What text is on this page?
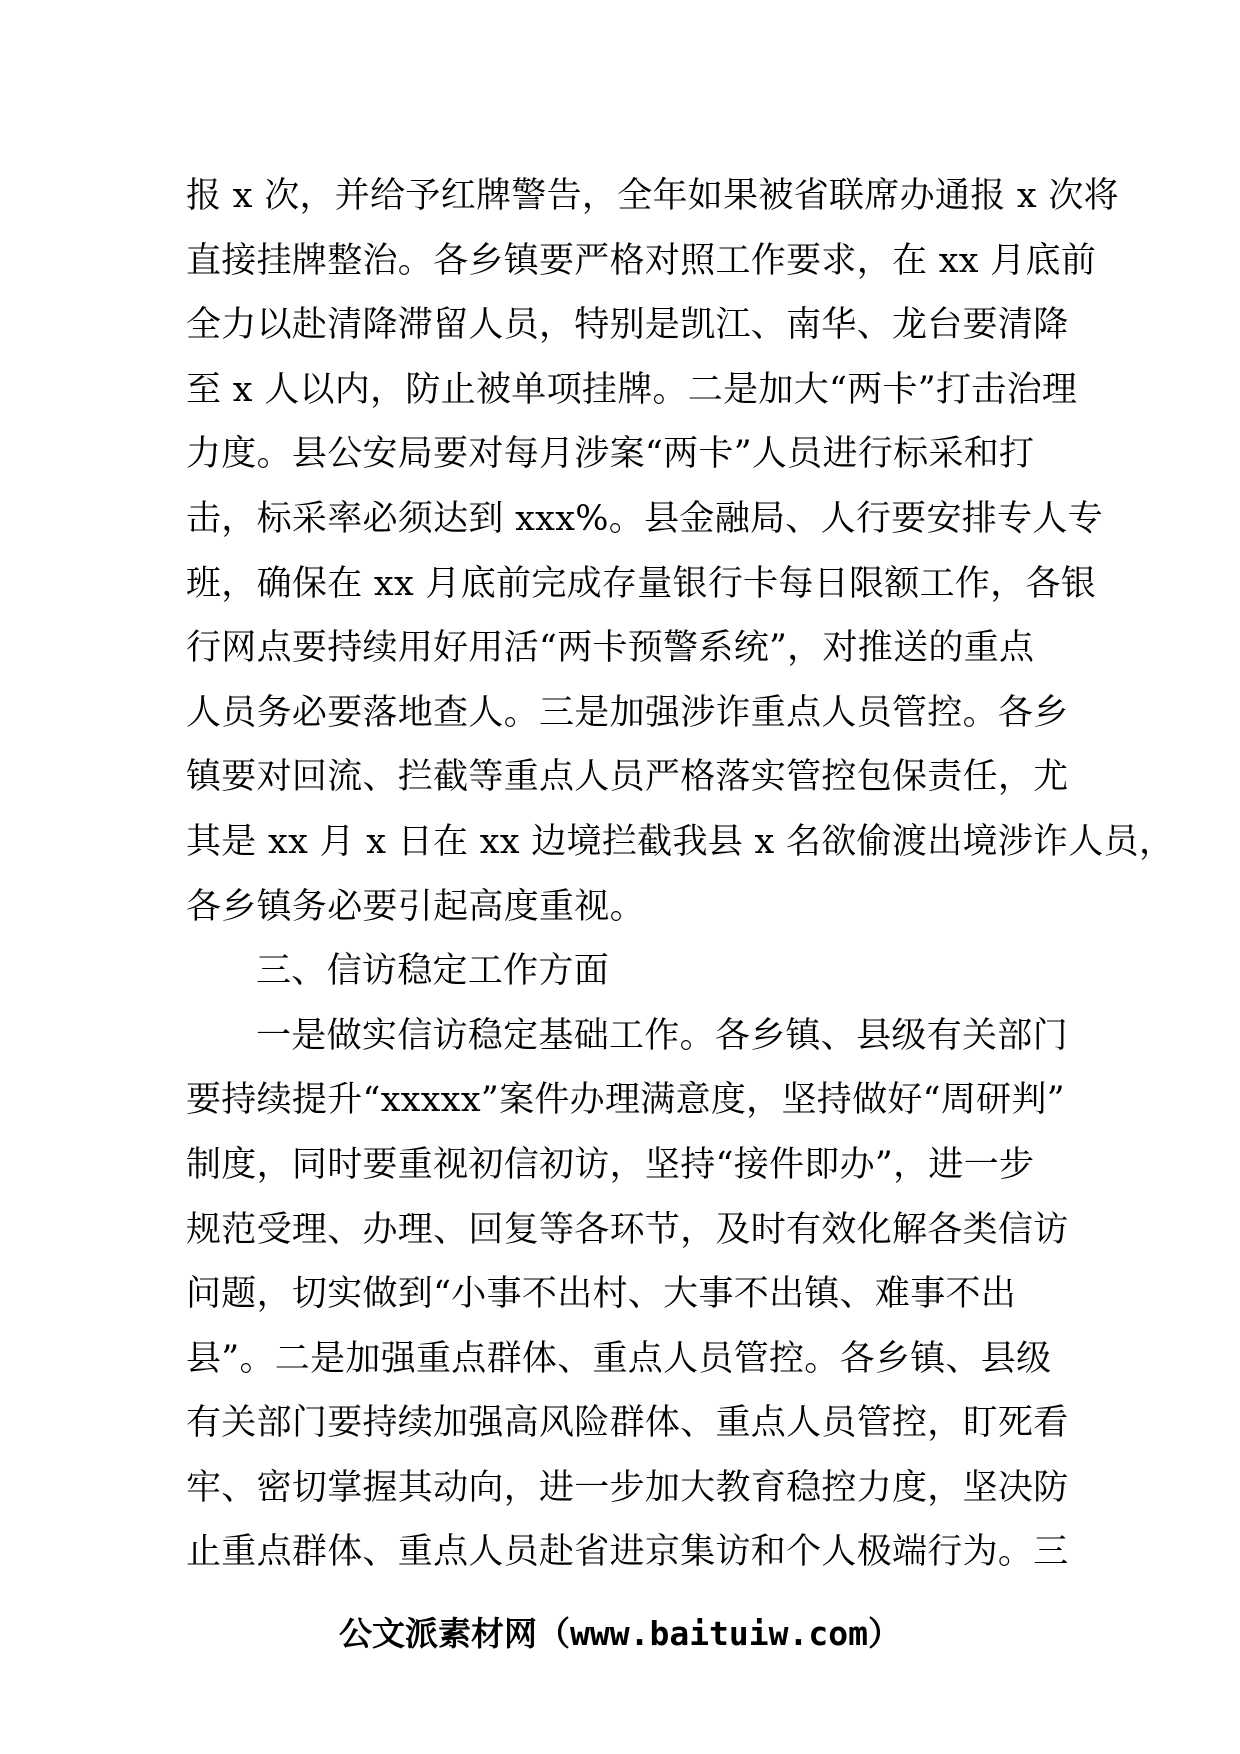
报 x 次，并给予红牌警告，全年如果被省联席办通报 x 次将
直接挂牌整治。各乡镇要严格对照工作要求，在 xx 月底前
全力以赴清降滞留人员，特别是凯江、南华、龙台要清降
至 x 人以内，防止被单项挂牌。二是加大“两卡”打击治理
力度。县公安局要对每月涉案“两卡”人员进行标采和打
击，标采率必须达到 xxx%。县金融局、人行要安排专人专
班，确保在 xx 月底前完成存量银行卡每日限额工作，各银
行网点要持续用好用活“两卡预警系统”，对推送的重点
人员务必要落地查人。三是加强涉诈重点人员管控。各乡
镇要对回流、拦截等重点人员严格落实管控包保责任，尤
其是 xx 月 x 日在 xx 边境拦截我县 x 名欲偷渡出境涉诈人员，
各乡镇务必要引起高度重视。
三、信访稳定工作方面
一是做实信访稳定基础工作。各乡镇、县级有关部门
要持续提升“xxxxx”案件办理满意度，坚持做好“周研判”
制度，同时要重视初信初访，坚持“接件即办”，进一步
规范受理、办理、回复等各环节，及时有效化解各类信访
问题，切实做到“小事不出村、大事不出镇、难事不出
县”。二是加强重点群体、重点人员管控。各乡镇、县级
有关部门要持续加强高风险群体、重点人员管控，盯死看
牢、密切掌握其动向，进一步加大教育稳控力度，坚决防
止重点群体、重点人员赴省进京集访和个人极端行为。三
公文派素材网（www.baituiw.com）
